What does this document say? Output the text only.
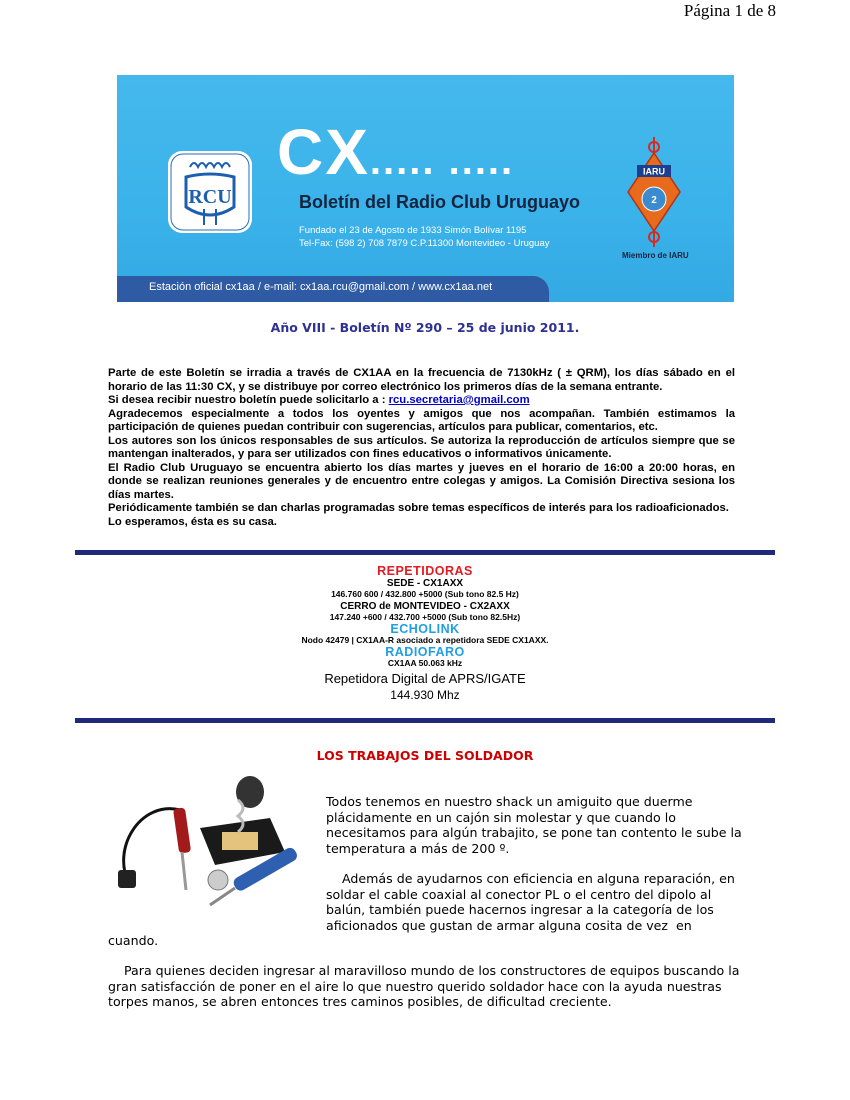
Página 1 de 8
RCU
CX..... .....
Boletín del Radio Club Uruguayo
Fundado el 23 de Agosto de 1933 Simón Bolívar 1195
Tel-Fax: (598 2) 708 7879 C.P.11300 Montevideo - Uruguay
IARU
2
Miembro de IARU
Estación oficial cx1aa / e-mail: cx1aa.rcu@gmail.com / www.cx1aa.net
Año VIII - Boletín Nº 290 – 25 de junio 2011.

Parte de este Boletín se irradia a través de CX1AA en la frecuencia de 7130kHz ( ± QRM), los días sábado en el horario de las 11:30 CX, y se distribuye por correo electrónico los primeros días de la semana entrante.

Si desea recibir nuestro boletín puede solicitarlo a : rcu.secretaria@gmail.com

Agradecemos especialmente a todos los oyentes y amigos que nos acompañan. También estimamos la participación de quienes puedan contribuir con sugerencias, artículos para publicar, comentarios, etc.

Los autores son los únicos responsables de sus artículos. Se autoriza la reproducción de artículos siempre que se mantengan inalterados, y para ser utilizados con fines educativos o informativos únicamente.

El Radio Club Uruguayo se encuentra abierto los días martes y jueves en el horario de 16:00 a 20:00 horas, en donde se realizan reuniones generales y de encuentro entre colegas y amigos. La Comisión Directiva sesiona los días martes.

Periódicamente también se dan charlas programadas sobre temas específicos de interés para los radioaficionados.

Lo esperamos, ésta es su casa.

REPETIDORAS
SEDE - CX1AXX
146.760 600 / 432.800 +5000 (Sub tono 82.5 Hz)
CERRO de MONTEVIDEO - CX2AXX
147.240 +600 / 432.700 +5000 (Sub tono 82.5Hz)
ECHOLINK
Nodo 42479 | CX1AA-R asociado a repetidora SEDE CX1AXX.
RADIOFARO
CX1AA 50.063 kHz
Repetidora Digital de APRS/IGATE
144.930 Mhz
LOS TRABAJOS DEL SOLDADOR
Todos tenemos en nuestro shack un amiguito que duerme plácidamente en un cajón sin molestar y que cuando lo necesitamos para algún trabajito, se pone tan contento le sube la temperatura a más de 200 º.
Además de ayudarnos con eficiencia en alguna reparación, en soldar el cable coaxial al conector PL o el centro del dipolo al balún, también puede hacernos ingresar a la categoría de los aficionados que gustan de armar alguna cosita de vez  en
cuando.
Para quienes deciden ingresar al maravilloso mundo de los constructores de equipos buscando la gran satisfacción de poner en el aire lo que nuestro querido soldador hace con la ayuda nuestras torpes manos, se abren entonces tres caminos posibles, de dificultad creciente.
